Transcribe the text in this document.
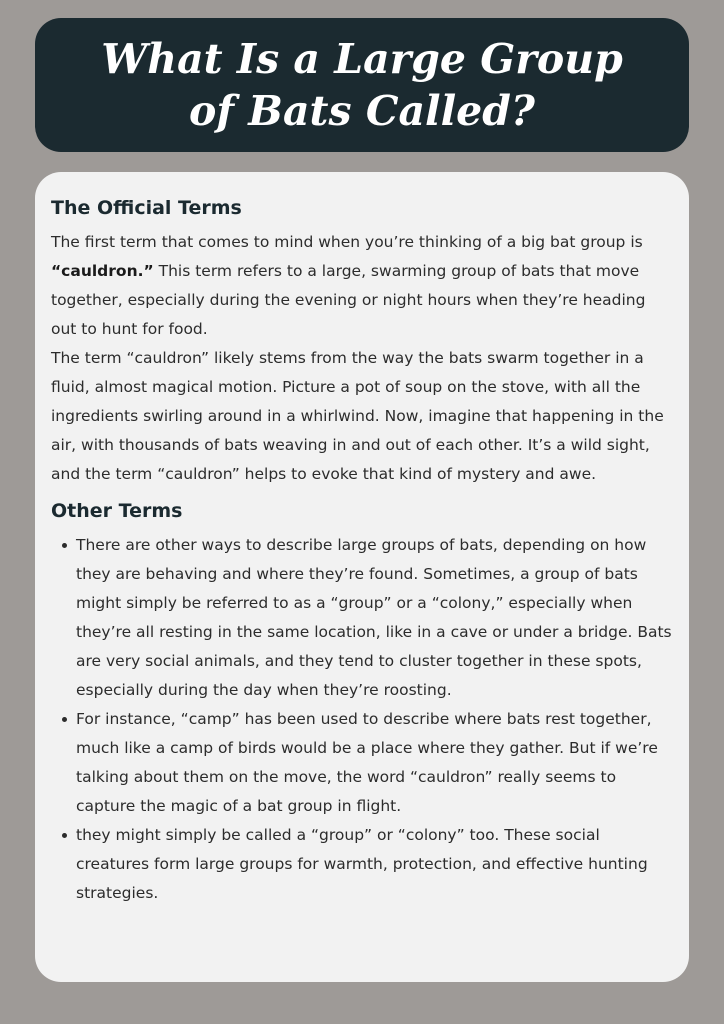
What Is a Large Group of Bats Called?
The Official Terms

The first term that comes to mind when you’re thinking of a big bat group is “cauldron.” This term refers to a large, swarming group of bats that move together, especially during the evening or night hours when they’re heading out to hunt for food.

The term “cauldron” likely stems from the way the bats swarm together in a fluid, almost magical motion. Picture a pot of soup on the stove, with all the ingredients swirling around in a whirlwind. Now, imagine that happening in the air, with thousands of bats weaving in and out of each other. It’s a wild sight, and the term “cauldron” helps to evoke that kind of mystery and awe.

Other Terms
There are other ways to describe large groups of bats, depending on how they are behaving and where they’re found. Sometimes, a group of bats might simply be referred to as a “group” or a “colony,” especially when they’re all resting in the same location, like in a cave or under a bridge. Bats are very social animals, and they tend to cluster together in these spots, especially during the day when they’re roosting.
For instance, “camp” has been used to describe where bats rest together, much like a camp of birds would be a place where they gather. But if we’re talking about them on the move, the word “cauldron” really seems to capture the magic of a bat group in flight.
they might simply be called a “group” or “colony” too. These social creatures form large groups for warmth, protection, and effective hunting strategies.
